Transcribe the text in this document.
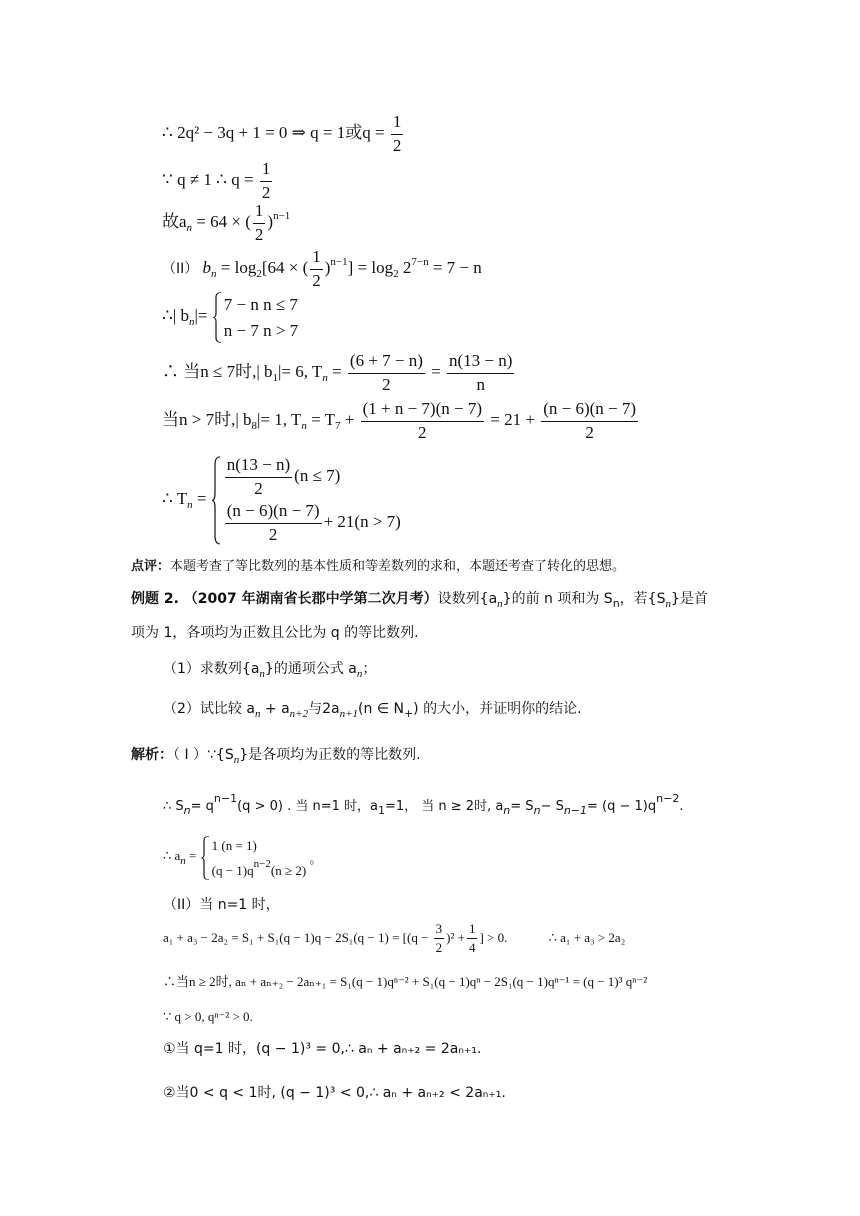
∴ 2q² − 3q + 1 = 0 ⇒ q = 1或$q = \frac{1}{2}$
∵ q ≠ 1 ∴ $q = \frac{1}{2}$
故$a_n = 64$ × ( $\frac{1}{2} )^{n-1}$
（II） $b_n = \log_2[64$ × ( $\frac{1}{2} )^{n-1}] = \log_2 2^{7-n} = 7 - n$
∴| $b_n|=$
7 − n n ≤ 7
n − 7 n > 7
∴ 当n ≤ 7时,| $b_1|= 6$, $T_n = \frac{(6 + 7 - n)}{2} = \frac{n(13 - n)}{n}$
当n > 7时,| $b_8|= 1$, $T_n = T_7 + \frac{(1 + n - 7)(n - 7)}{2} = 21 + \frac{(n - 6)(n - 7)}{2}$
∴ $T_n = \frac{n(13 - n)}{2} (n \le 7)$
$\frac{(n - 6)(n - 7)}{2} + 21(n > 7)$
点评：本题考查了等比数列的基本性质和等差数列的求和，本题还考查了转化的思想。
例题 2. （2007 年湖南省长郡中学第二次月考）设数列$\{a_n\}$的前 n 项和为 $S_n$，若$\{S_n\}$是首
项为 1，各项均为正数且公比为 q 的等比数列.
（1）求数列$\{a_n\}$的通项公式 $a_n$；
（2）试比较 $a_n + a_{n+2}$与$2a_{n+1}(n$ ∈ $N_+$) 的大小，并证明你的结论.
解析：（ I ）$\because\{S_n\}$是各项均为正数的等比数列.
∴ $S_n= q^{n-1}(q > 0)$ . 当 n=1 时，$a_1=1$， 当 n ≥ 2时, $a_n= S_n- S_{n-1}= (q - 1)q^{n-2}$.
∴ $a_n$ =
1 (n = 1)
$(q - 1)q^{n-2}(n \ge 2)$
。
（II）当 n=1 时，
$a_1 + a_3 - 2a_2 = S_1 + S_1(q - 1)q - 2S_1(q - 1) = [(q - \frac{3}{2} )^2 + \frac{1}{4}$ ] > 0.	∴ a₁ + a₃ > 2a₂
∴当n ≥ 2时, aₙ + aₙ₊₂ − 2aₙ₊₁ = S₁(q − 1)qⁿ⁻² + S₁(q − 1)qⁿ − 2S₁(q − 1)qⁿ⁻¹ = (q − 1)³ qⁿ⁻²
∵ q > 0, qⁿ⁻² > 0.
①当 q=1 时，(q − 1)³ = 0,∴ aₙ + aₙ₊₂ = 2aₙ₊₁.
②当0 < q < 1时, (q − 1)³ < 0,∴ aₙ + aₙ₊₂ < 2aₙ₊₁.
